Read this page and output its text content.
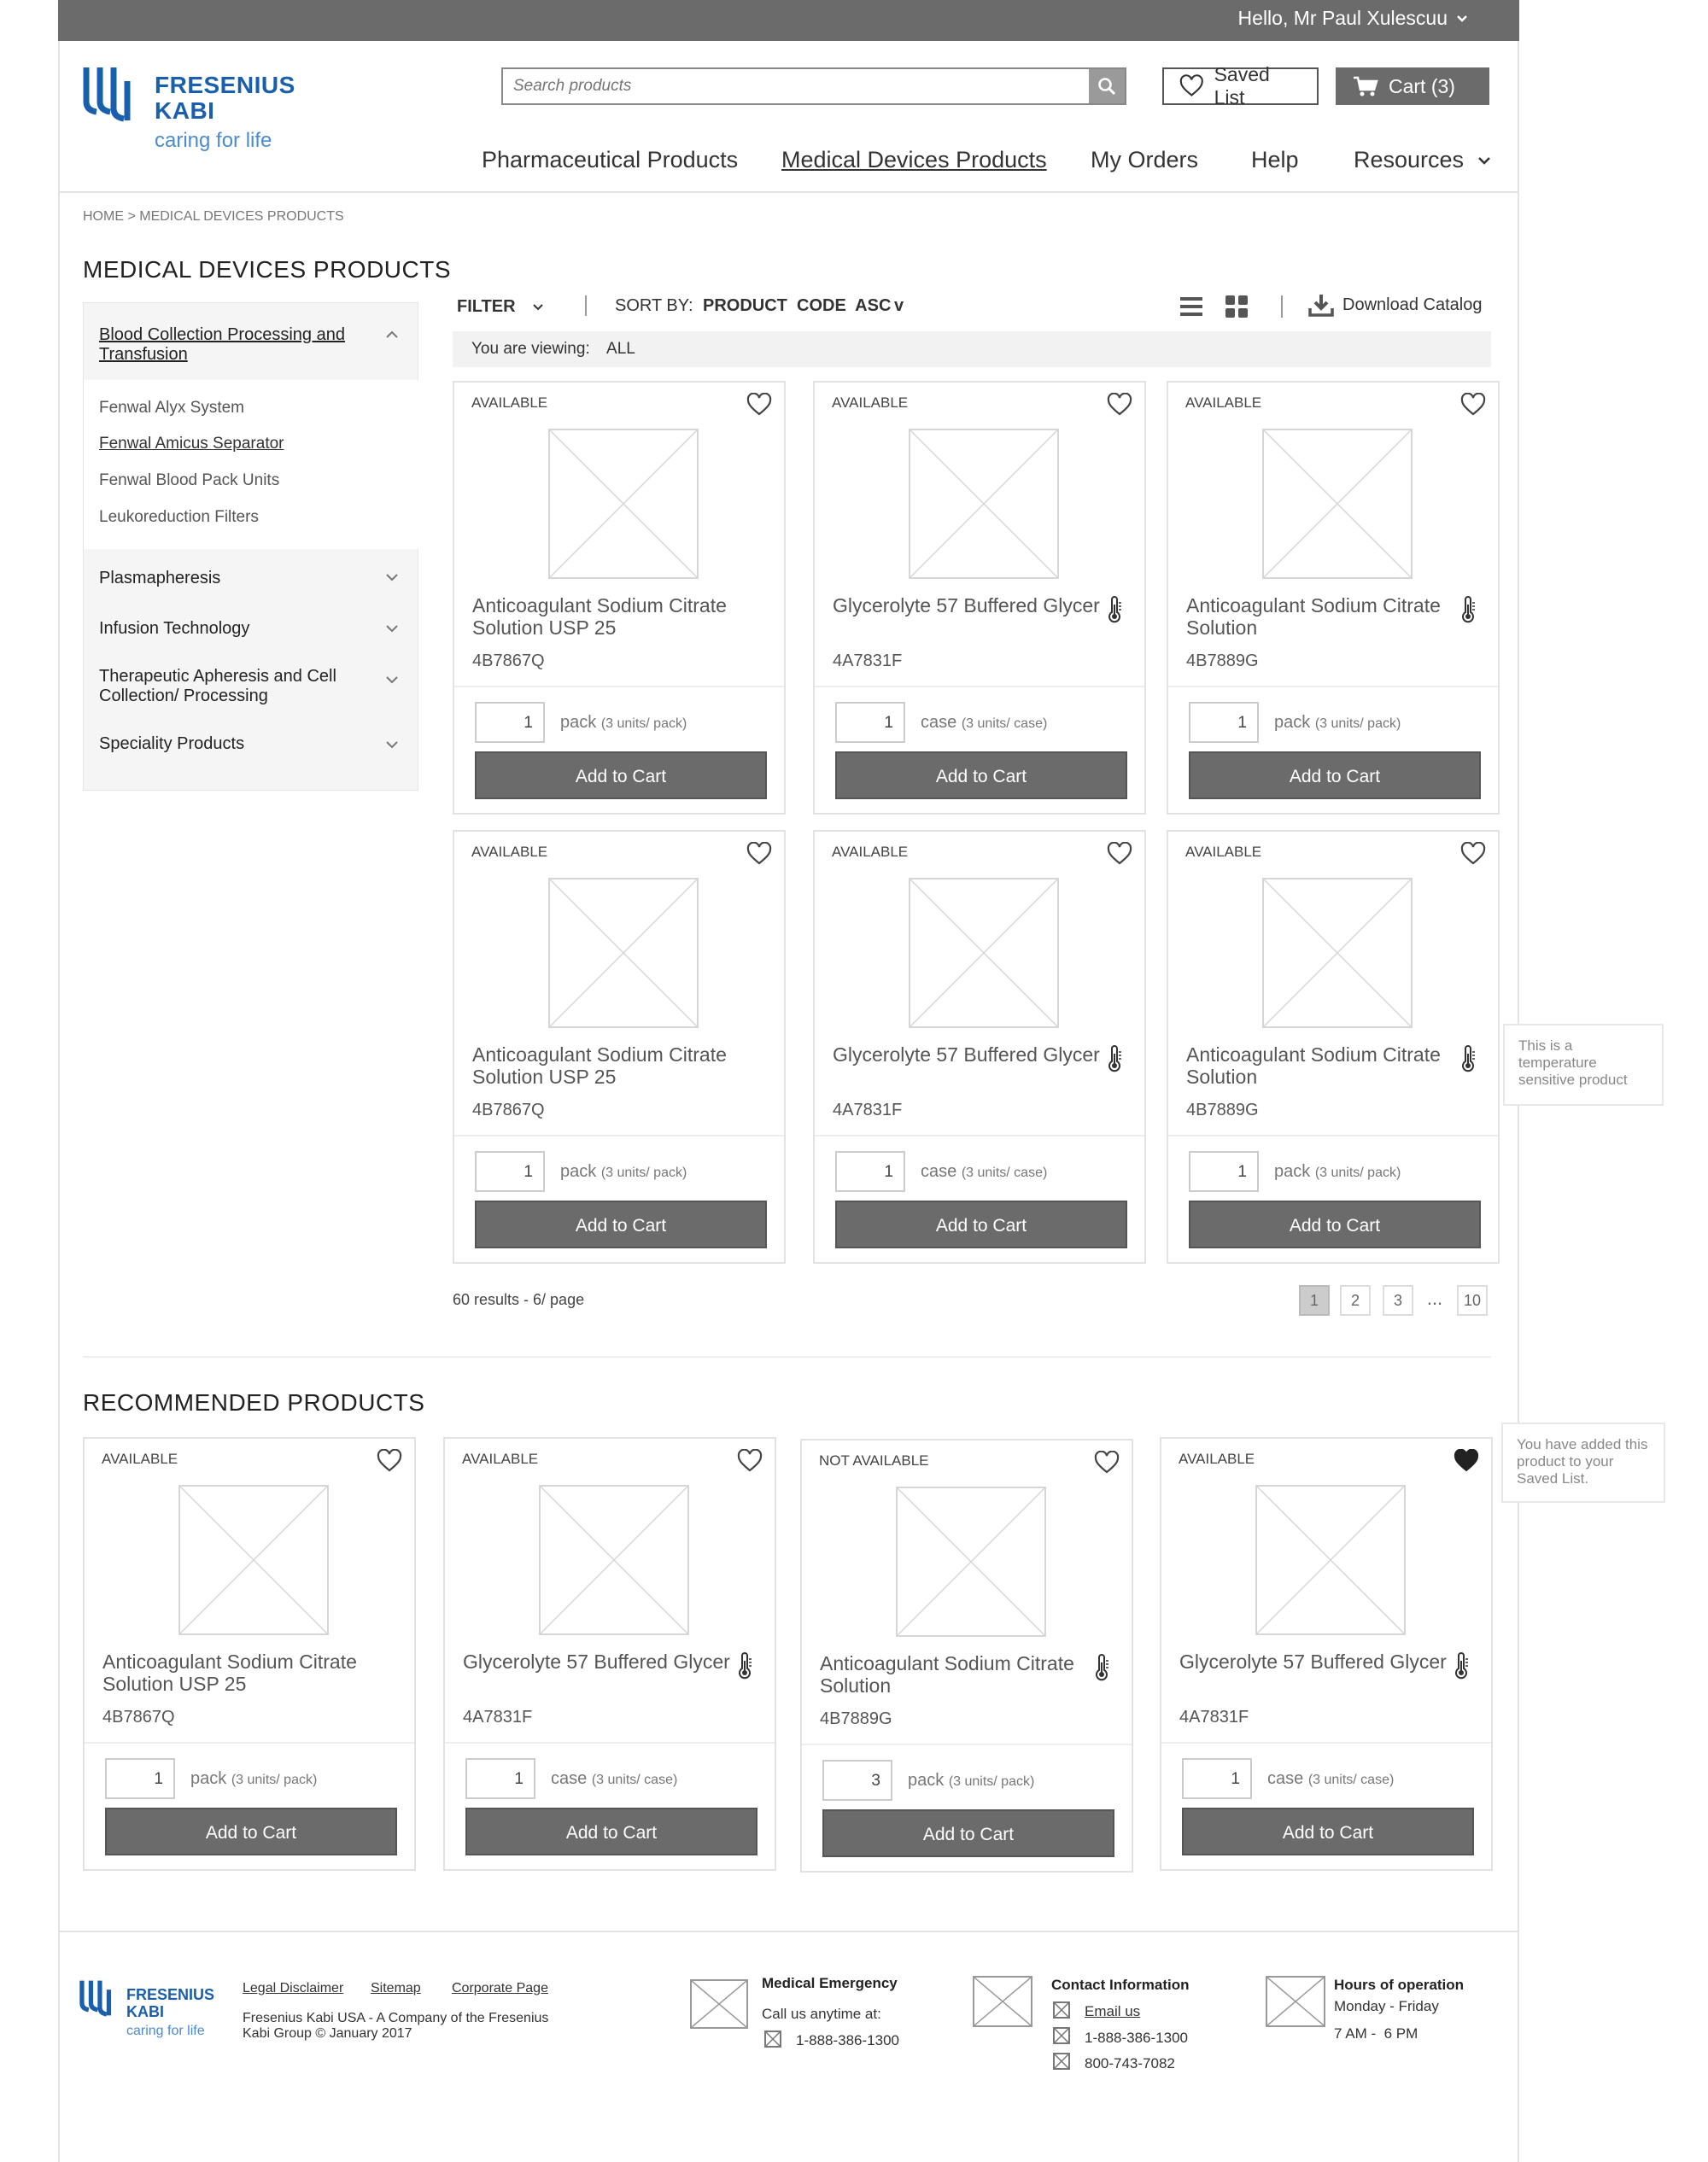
Hello, Mr Paul Xulescuu
FRESENIUS
KABI
caring for life
Search products
Saved List
Cart (3)
Pharmaceutical Products Medical Devices Products My Orders Help Resources
HOME > MEDICAL DEVICES PRODUCTS
MEDICAL DEVICES PRODUCTS
Blood Collection Processing and Transfusion
Fenwal Alyx System
Fenwal Amicus Separator
Fenwal Blood Pack Units
Leukoreduction Filters
Plasmapheresis
Infusion Technology
Therapeutic Apheresis and Cell Collection/ Processing
Speciality Products
FILTER	SORT BY: PRODUCT  CODE  ASC v	Download Catalog
You are viewing: ALL
AVAILABLE
Anticoagulant Sodium Citrate Solution USP 25
4B7867Q
1	pack (3 units/ pack)
Add to Cart
AVAILABLE
Glycerolyte 57 Buffered Glycer
4A7831F
1	case (3 units/ case)
Add to Cart
AVAILABLE
Anticoagulant Sodium Citrate Solution
4B7889G
1	pack (3 units/ pack)
Add to Cart
AVAILABLE
Anticoagulant Sodium Citrate Solution USP 25
4B7867Q
1	pack (3 units/ pack)
Add to Cart
AVAILABLE
Glycerolyte 57 Buffered Glycer
4A7831F
1	case (3 units/ case)
Add to Cart
AVAILABLE
Anticoagulant Sodium Citrate Solution
4B7889G
1	pack (3 units/ pack)
Add to Cart
60 results - 6/ page	1	2	3	...	10
This is a temperature sensitive product
RECOMMENDED PRODUCTS
AVAILABLE
Anticoagulant Sodium Citrate Solution USP 25
4B7867Q
1	pack (3 units/ pack)
Add to Cart
AVAILABLE
Glycerolyte 57 Buffered Glycer
4A7831F
1	case (3 units/ case)
Add to Cart
NOT AVAILABLE
Anticoagulant Sodium Citrate Solution
4B7889G
3	pack (3 units/ pack)
Add to Cart
AVAILABLE
Glycerolyte 57 Buffered Glycer
4A7831F
1	case (3 units/ case)
Add to Cart
You have added this product to your Saved List.
FRESENIUS
KABI
caring for life
Legal Disclaimer Sitemap Corporate Page
Fresenius Kabi USA - A Company of the Fresenius Kabi Group © January 2017
Medical Emergency
Call us anytime at:
1-888-386-1300
Contact Information
Email us
1-888-386-1300
800-743-7082
Hours of operation
Monday - Friday
7 AM -  6 PM
